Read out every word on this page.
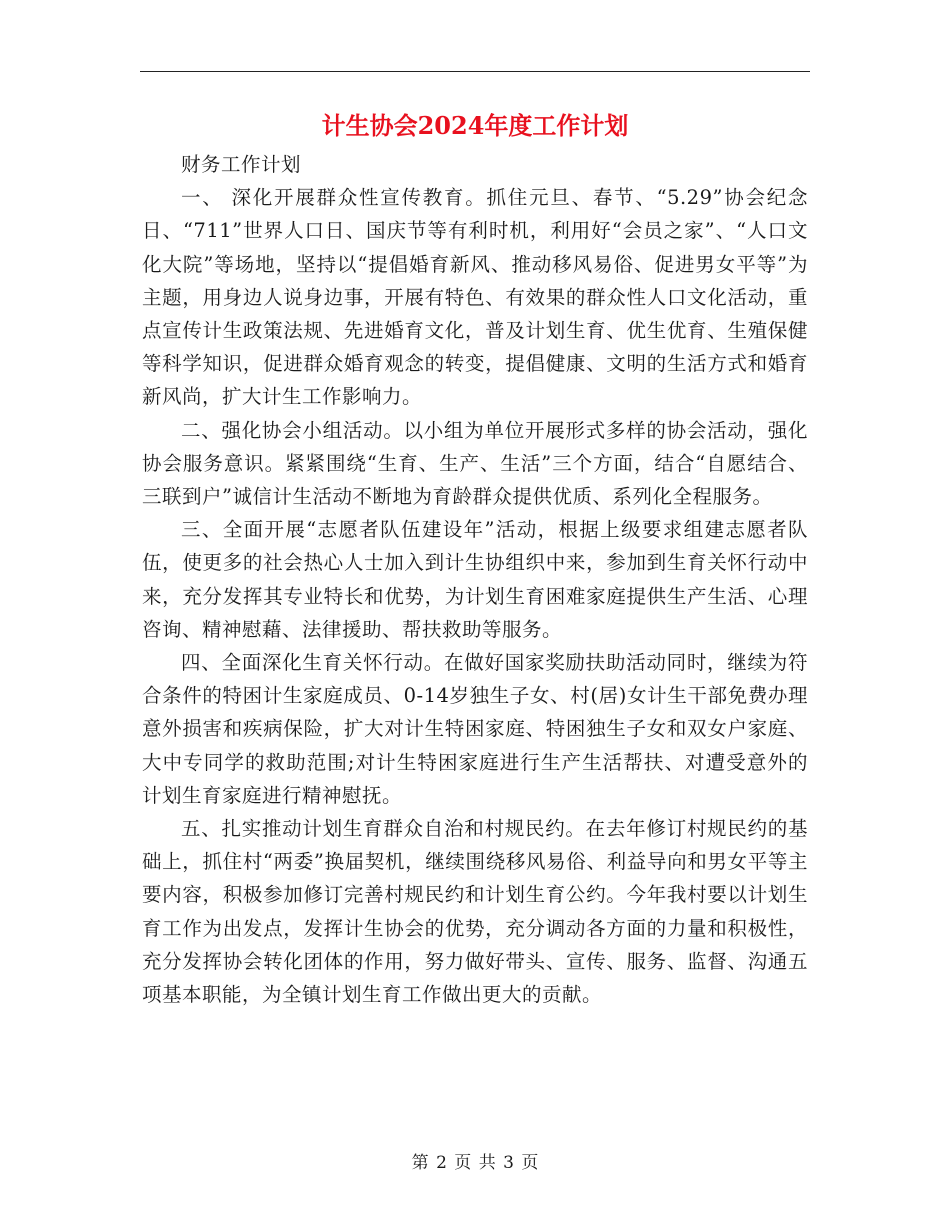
计生协会2024年度工作计划

财务工作计划

一、 深化开展群众性宣传教育。抓住元旦、春节、“5.29”协会纪念日、“711”世界人口日、国庆节等有利时机，利用好“会员之家”、“人口文化大院”等场地，坚持以“提倡婚育新风、推动移风易俗、促进男女平等”为主题，用身边人说身边事，开展有特色、有效果的群众性人口文化活动，重点宣传计生政策法规、先进婚育文化，普及计划生育、优生优育、生殖保健等科学知识，促进群众婚育观念的转变，提倡健康、文明的生活方式和婚育新风尚，扩大计生工作影响力。

二、强化协会小组活动。以小组为单位开展形式多样的协会活动，强化协会服务意识。紧紧围绕“生育、生产、生活”三个方面，结合“自愿结合、三联到户”诚信计生活动不断地为育龄群众提供优质、系列化全程服务。

三、全面开展“志愿者队伍建设年”活动，根据上级要求组建志愿者队伍，使更多的社会热心人士加入到计生协组织中来，参加到生育关怀行动中来，充分发挥其专业特长和优势，为计划生育困难家庭提供生产生活、心理咨询、精神慰藉、法律援助、帮扶救助等服务。

四、全面深化生育关怀行动。在做好国家奖励扶助活动同时，继续为符合条件的特困计生家庭成员、0-14岁独生子女、村(居)女计生干部免费办理意外损害和疾病保险，扩大对计生特困家庭、特困独生子女和双女户家庭、大中专同学的救助范围;对计生特困家庭进行生产生活帮扶、对遭受意外的计划生育家庭进行精神慰抚。

五、扎实推动计划生育群众自治和村规民约。在去年修订村规民约的基础上，抓住村“两委”换届契机，继续围绕移风易俗、利益导向和男女平等主要内容，积极参加修订完善村规民约和计划生育公约。今年我村要以计划生育工作为出发点，发挥计生协会的优势，充分调动各方面的力量和积极性，充分发挥协会转化团体的作用，努力做好带头、宣传、服务、监督、沟通五项基本职能，为全镇计划生育工作做出更大的贡献。

第 2 页 共 3 页
